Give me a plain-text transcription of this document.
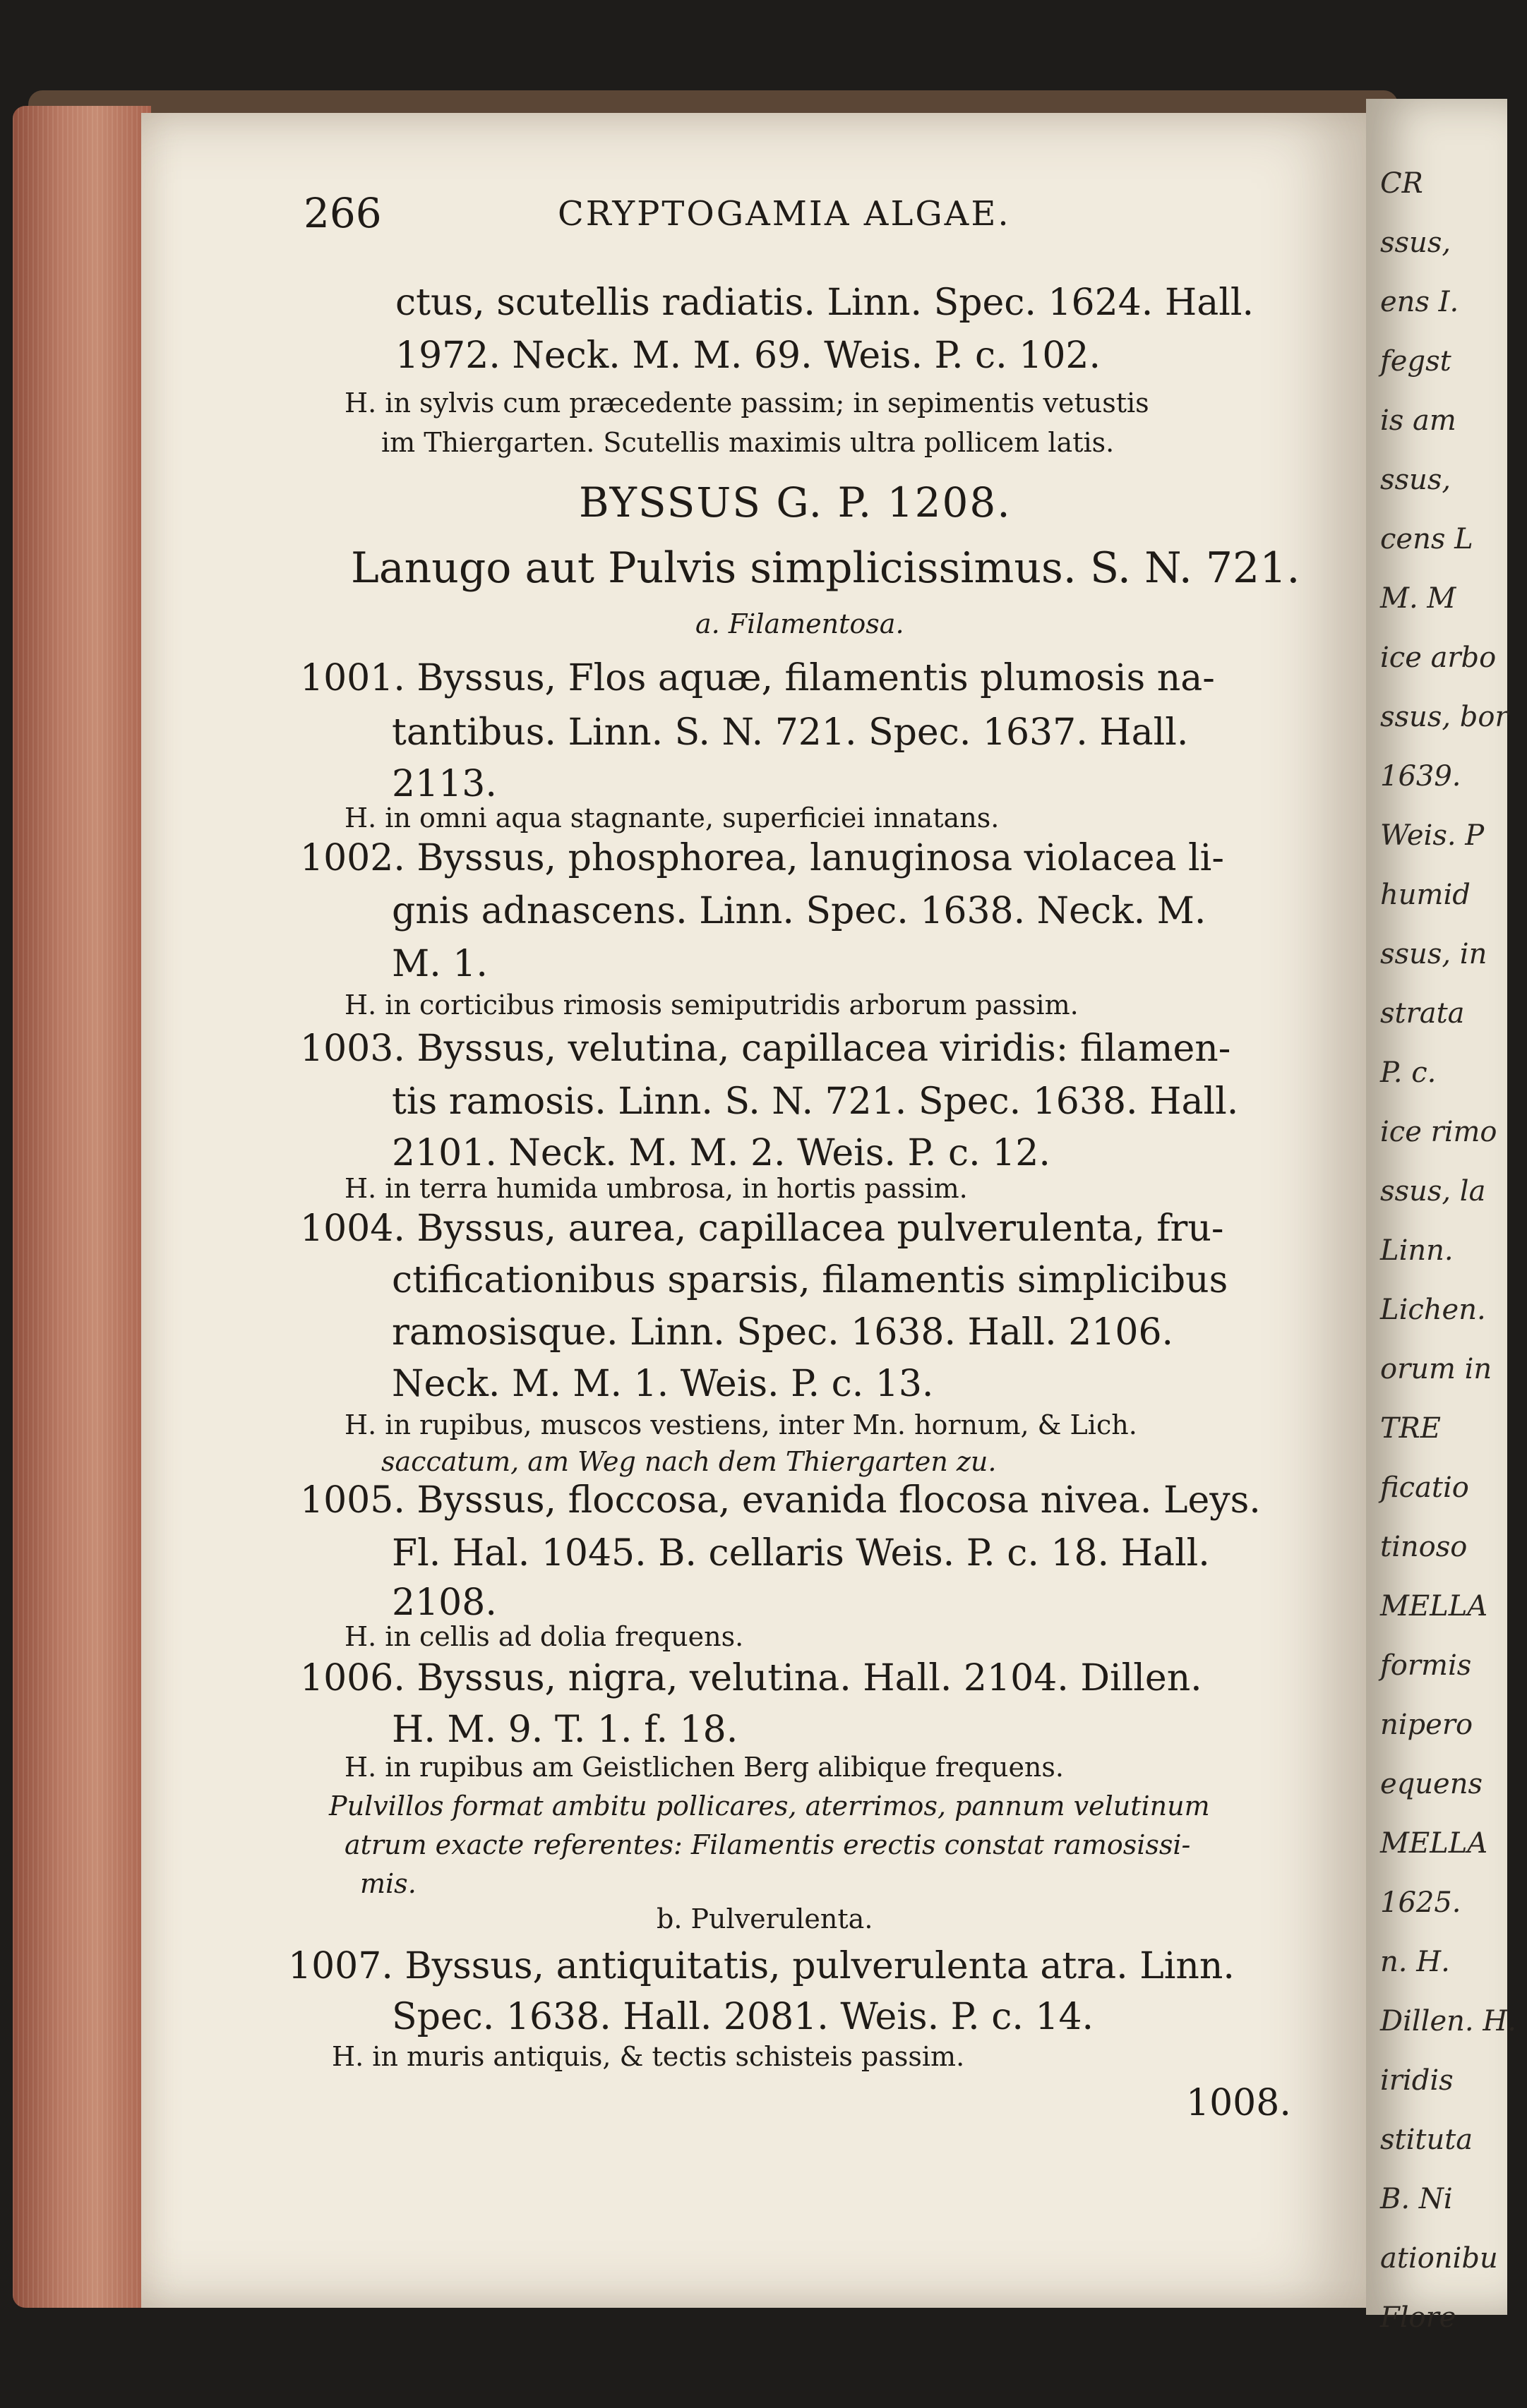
CR
ssus,
ens I.
fegst
is am
ssus,
cens L
M. M
ice arbo
ssus, bor
1639.
Weis. P
humid
ssus, in
strata
P. c.
ice rimo
ssus, la
Linn.
Lichen.
orum in
TRE
ficatio
tinoso
MELLA
formis
nipero
equens
MELLA
1625.
n. H.
Dillen. H.
iridis
stituta
B. Ni
ationibu
Flore
266	CRYPTOGAMIA ALGAE.
ctus, scutellis radiatis. Linn. Spec. 1624. Hall.
1972. Neck. M. M. 69. Weis. P. c. 102.
H. in sylvis cum præcedente passim; in sepimentis vetustis
im Thiergarten. Scutellis maximis ultra pollicem latis.
BYSSUS G. P. 1208.
Lanugo aut Pulvis simplicissimus. S. N. 721.
a. Filamentosa.
1001. Byssus, Flos aquæ, filamentis plumosis na-
tantibus. Linn. S. N. 721. Spec. 1637. Hall.
2113.
H. in omni aqua stagnante, superficiei innatans.
1002. Byssus, phosphorea, lanuginosa violacea li-
gnis adnascens. Linn. Spec. 1638. Neck. M.
M. 1.
H. in corticibus rimosis semiputridis arborum passim.
1003. Byssus, velutina, capillacea viridis: filamen-
tis ramosis. Linn. S. N. 721. Spec. 1638. Hall.
2101. Neck. M. M. 2. Weis. P. c. 12.
H. in terra humida umbrosa, in hortis passim.
1004. Byssus, aurea, capillacea pulverulenta, fru-
ctificationibus sparsis, filamentis simplicibus
ramosisque. Linn. Spec. 1638. Hall. 2106.
Neck. M. M. 1. Weis. P. c. 13.
H. in rupibus, muscos vestiens, inter Mn. hornum, & Lich.
saccatum, am Weg nach dem Thiergarten zu.
1005. Byssus, floccosa, evanida flocosa nivea. Leys.
Fl. Hal. 1045. B. cellaris Weis. P. c. 18. Hall.
2108.
H. in cellis ad dolia frequens.
1006. Byssus, nigra, velutina. Hall. 2104. Dillen.
H. M. 9. T. 1. f. 18.
H. in rupibus am Geistlichen Berg alibique frequens.
Pulvillos format ambitu pollicares, aterrimos, pannum velutinum
atrum exacte referentes: Filamentis erectis constat ramosissi-
mis.
b. Pulverulenta.
1007. Byssus, antiquitatis, pulverulenta atra. Linn.
Spec. 1638. Hall. 2081. Weis. P. c. 14.
H. in muris antiquis, & tectis schisteis passim.
1008.
